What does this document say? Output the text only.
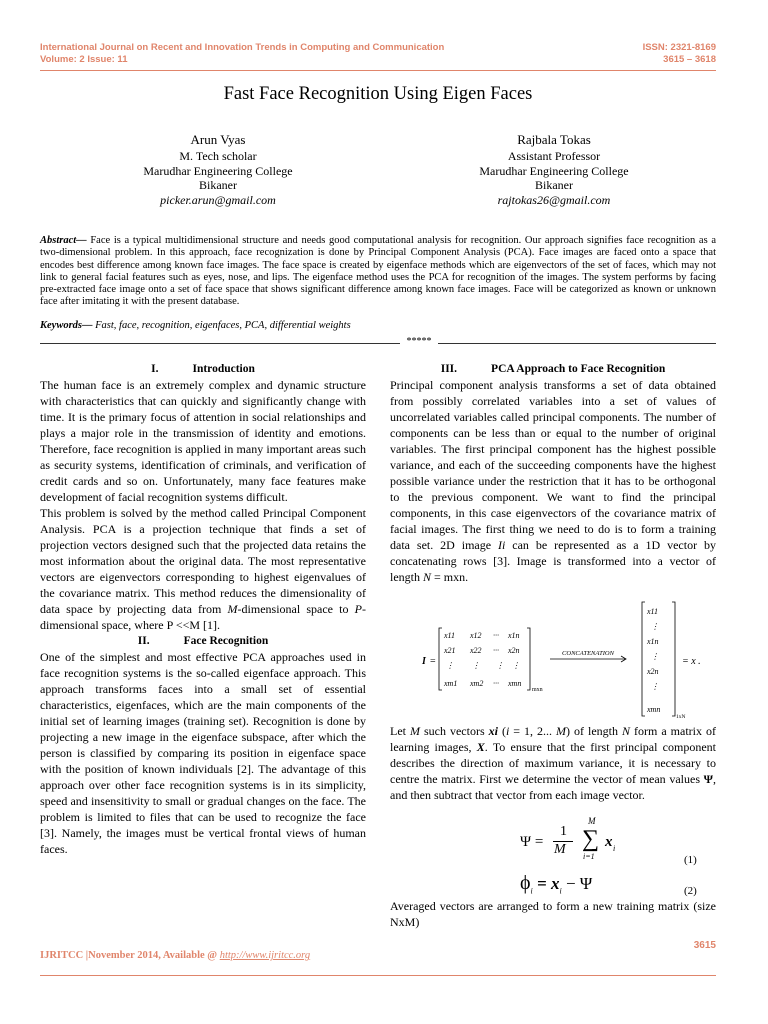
International Journal on Recent and Innovation Trends in Computing and Communication
Volume: 2 Issue: 11
ISSN: 2321-8169
3615 – 3618
Fast Face Recognition Using Eigen Faces
Arun Vyas
M. Tech scholar
Marudhar Engineering College
Bikaner
picker.arun@gmail.com
Rajbala Tokas
Assistant Professor
Marudhar Engineering College
Bikaner
rajtokas26@gmail.com
Abstract— Face is a typical multidimensional structure and needs good computational analysis for recognition. Our approach signifies face recognition as a two-dimensional problem. In this approach, face recognization is done by Principal Component Analysis (PCA). Face images are faced onto a space that encodes best difference among known face images. The face space is created by eigenface methods which are eigenvectors of the set of faces, which may not link to general facial features such as eyes, nose, and lips. The eigenface method uses the PCA for recognition of the images. The system performs by facing pre-extracted face image onto a set of face space that shows significant difference among known face images. Face will be categorized as known or unknown face after imitating it with the present database.
Keywords— Fast, face, recognition, eigenfaces, PCA, differential weights
*****
I.	Introduction

The human face is an extremely complex and dynamic structure with characteristics that can quickly and significantly change with time. It is the primary focus of attention in social relationships and plays a major role in the transmission of identity and emotions. Therefore, face recognition is applied in many important areas such as security systems, identification of criminals, and verification of credit cards and so on. Unfortunately, many face features make development of facial recognition systems difficult.

This problem is solved by the method called Principal Component Analysis. PCA is a projection technique that finds a set of projection vectors designed such that the projected data retains the most information about the original data. The most representative vectors are eigenvectors corresponding to highest eigenvalues of the covariance matrix. This method reduces the dimensionality of data space by projecting data from M-dimensional space to P-dimensional space, where P <<M [1].

II.	Face Recognition

One of the simplest and most effective PCA approaches used in face recognition systems is the so-called eigenface approach. This approach transforms faces into a small set of essential characteristics, eigenfaces, which are the main components of the initial set of learning images (training set). Recognition is done by projecting a new image in the eigenface subspace, after which the person is classified by comparing its position in eigenface space with the position of known individuals [2]. The advantage of this approach over other face recognition systems is in its simplicity, speed and insensitivity to small or gradual changes on the face. The problem is limited to files that can be used to recognize the face [3]. Namely, the images must be vertical frontal views of human faces.

III.	PCA Approach to Face Recognition

Principal component analysis transforms a set of data obtained from possibly correlated variables into a set of values of uncorrelated variables called principal components. The number of components can be less than or equal to the number of original variables. The first principal component has the highest possible variance, and each of the succeeding components have the highest possible variance under the restriction that it has to be orthogonal to the previous component. We want to find the principal components, in this case eigenvectors of the covariance matrix of facial images. The first thing we need to do is to form a training data set. 2D image Ii can be represented as a 1D vector by concatenating rows [3]. Image is transformed into a vector of length N = mxn.

I =
x11 x12 ··· x1n
x21 x22 ··· x2n
⋮ ⋮ ⋮ ⋮
xm1 xm2 ··· xmn
mxn
CONCATENATION
x11
⋮
x1n
⋮
x2n
⋮
xmn
1xN
= x .

Let M such vectors xi (i = 1, 2... M) of length N form a matrix of learning images, X. To ensure that the first principal component describes the direction of maximum variance, it is necessary to centre the matrix. First we determine the vector of mean values Ψ, and then subtract that vector from each image vector.

Ψ =
1
M
M
∑
i=1
x i
(1)
$\phi_i = x_i - \Psi$	(2)

Averaged vectors are arranged to form a new training matrix (size NxM)

3615
IJRITCC |November 2014, Available @ http://www.ijritcc.org
